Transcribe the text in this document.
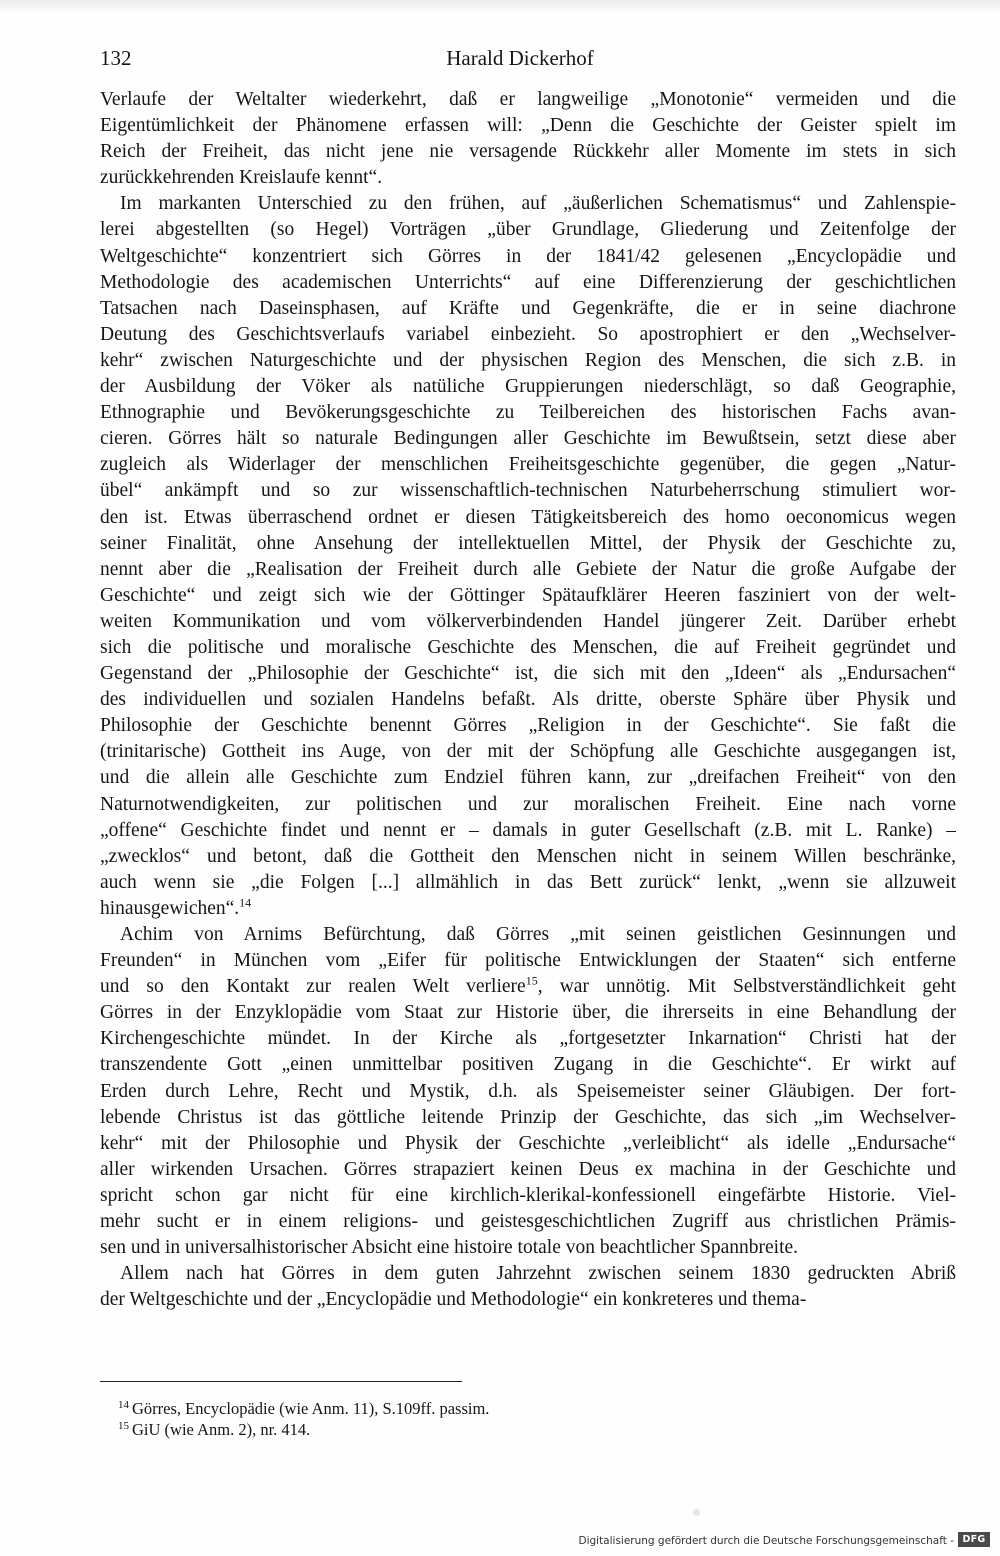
132	Harald Dickerhof
Verlaufe der Weltalter wiederkehrt, daß er langweilige „Monotonie“ vermeiden und die
Eigentümlichkeit der Phänomene erfassen will: „Denn die Geschichte der Geister spielt im
Reich der Freiheit, das nicht jene nie versagende Rückkehr aller Momente im stets in sich
zurückkehrenden Kreislaufe kennt“.
Im markanten Unterschied zu den frühen, auf „äußerlichen Schematismus“ und Zahlenspie-
lerei abgestellten (so Hegel) Vorträgen „über Grundlage, Gliederung und Zeitenfolge der
Weltgeschichte“ konzentriert sich Görres in der 1841/42 gelesenen „Encyclopädie und
Methodologie des academischen Unterrichts“ auf eine Differenzierung der geschichtlichen
Tatsachen nach Daseinsphasen, auf Kräfte und Gegenkräfte, die er in seine diachrone
Deutung des Geschichtsverlaufs variabel einbezieht. So apostrophiert er den „Wechselver-
kehr“ zwischen Naturgeschichte und der physischen Region des Menschen, die sich z.B. in
der Ausbildung der Vöker als natüliche Gruppierungen niederschlägt, so daß Geographie,
Ethnographie und Bevökerungsgeschichte zu Teilbereichen des historischen Fachs avan-
cieren. Görres hält so naturale Bedingungen aller Geschichte im Bewußtsein, setzt diese aber
zugleich als Widerlager der menschlichen Freiheitsgeschichte gegenüber, die gegen „Natur-
übel“ ankämpft und so zur wissenschaftlich-technischen Naturbeherrschung stimuliert wor-
den ist. Etwas überraschend ordnet er diesen Tätigkeitsbereich des homo oeconomicus wegen
seiner Finalität, ohne Ansehung der intellektuellen Mittel, der Physik der Geschichte zu,
nennt aber die „Realisation der Freiheit durch alle Gebiete der Natur die große Aufgabe der
Geschichte“ und zeigt sich wie der Göttinger Spätaufklärer Heeren fasziniert von der welt-
weiten Kommunikation und vom völkerverbindenden Handel jüngerer Zeit. Darüber erhebt
sich die politische und moralische Geschichte des Menschen, die auf Freiheit gegründet und
Gegenstand der „Philosophie der Geschichte“ ist, die sich mit den „Ideen“ als „Endursachen“
des individuellen und sozialen Handelns befaßt. Als dritte, oberste Sphäre über Physik und
Philosophie der Geschichte benennt Görres „Religion in der Geschichte“. Sie faßt die
(trinitarische) Gottheit ins Auge, von der mit der Schöpfung alle Geschichte ausgegangen ist,
und die allein alle Geschichte zum Endziel führen kann, zur „dreifachen Freiheit“ von den
Naturnotwendigkeiten, zur politischen und zur moralischen Freiheit. Eine nach vorne
„offene“ Geschichte findet und nennt er – damals in guter Gesellschaft (z.B. mit L. Ranke) –
„zwecklos“ und betont, daß die Gottheit den Menschen nicht in seinem Willen beschränke,
auch wenn sie „die Folgen [...] allmählich in das Bett zurück“ lenkt, „wenn sie allzuweit
hinausgewichen“.$^{14}$
Achim von Arnims Befürchtung, daß Görres „mit seinen geistlichen Gesinnungen und
Freunden“ in München vom „Eifer für politische Entwicklungen der Staaten“ sich entferne
und so den Kontakt zur realen Welt verliere$^{15}$, war unnötig. Mit Selbstverständlichkeit geht
Görres in der Enzyklopädie vom Staat zur Historie über, die ihrerseits in eine Behandlung der
Kirchengeschichte mündet. In der Kirche als „fortgesetzter Inkarnation“ Christi hat der
transzendente Gott „einen unmittelbar positiven Zugang in die Geschichte“. Er wirkt auf
Erden durch Lehre, Recht und Mystik, d.h. als Speisemeister seiner Gläubigen. Der fort-
lebende Christus ist das göttliche leitende Prinzip der Geschichte, das sich „im Wechselver-
kehr“ mit der Philosophie und Physik der Geschichte „verleiblicht“ als idelle „Endursache“
aller wirkenden Ursachen. Görres strapaziert keinen Deus ex machina in der Geschichte und
spricht schon gar nicht für eine kirchlich-klerikal-konfessionell eingefärbte Historie. Viel-
mehr sucht er in einem religions- und geistesgeschichtlichen Zugriff aus christlichen Prämis-
sen und in universalhistorischer Absicht eine histoire totale von beachtlicher Spannbreite.
Allem nach hat Görres in dem guten Jahrzehnt zwischen seinem 1830 gedruckten Abriß
der Weltgeschichte und der „Encyclopädie und Methodologie“ ein konkreteres und thema-
$^{14}$ Görres, Encyclopädie (wie Anm. 11), S.109ff. passim.
$^{15}$ GiU (wie Anm. 2), nr. 414.
Digitalisierung gefördert durch die Deutsche Forschungsgemeinschaft - DFG
